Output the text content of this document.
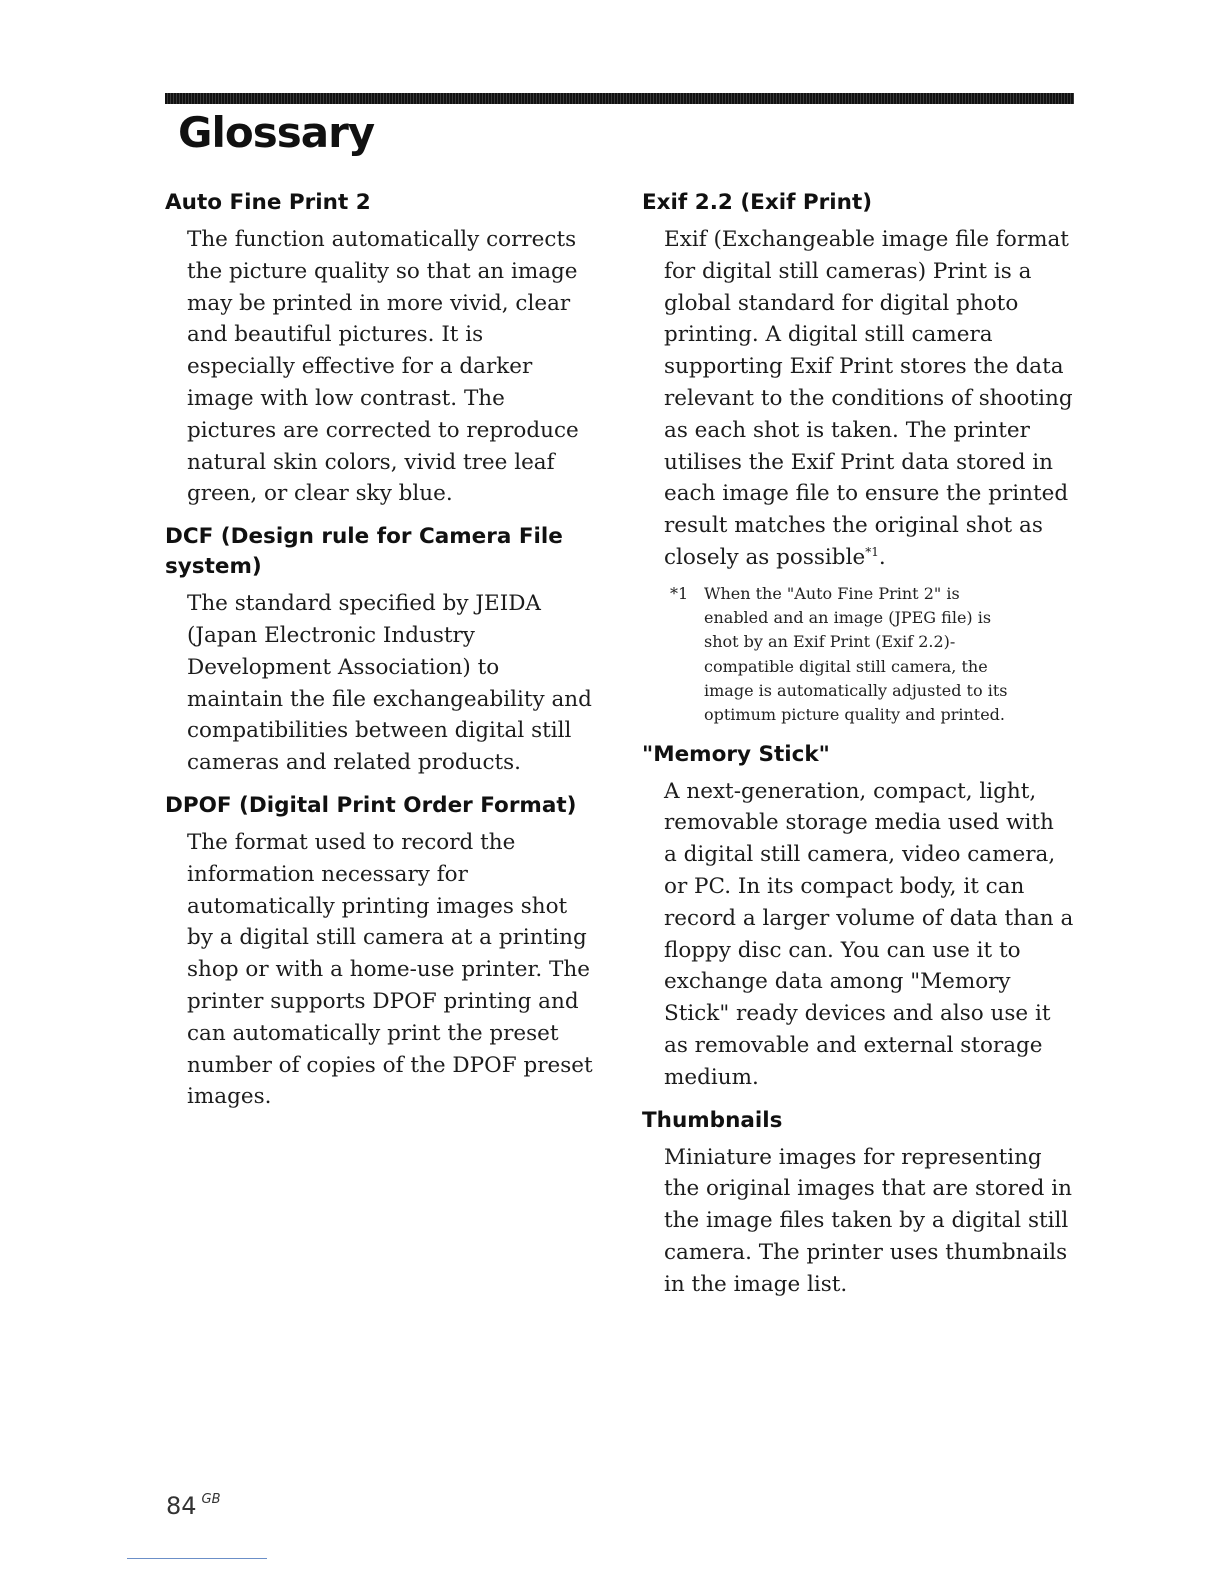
Glossary
Auto Fine Print 2
The function automatically corrects
the picture quality so that an image
may be printed in more vivid, clear
and beautiful pictures. It is
especially effective for a darker
image with low contrast. The
pictures are corrected to reproduce
natural skin colors, vivid tree leaf
green, or clear sky blue.
DCF (Design rule for Camera File
system)
The standard specified by JEIDA
(Japan Electronic Industry
Development Association) to
maintain the file exchangeability and
compatibilities between digital still
cameras and related products.
DPOF (Digital Print Order Format)
The format used to record the
information necessary for
automatically printing images shot
by a digital still camera at a printing
shop or with a home-use printer. The
printer supports DPOF printing and
can automatically print the preset
number of copies of the DPOF preset
images.
Exif 2.2 (Exif Print)
Exif (Exchangeable image file format
for digital still cameras) Print is a
global standard for digital photo
printing. A digital still camera
supporting Exif Print stores the data
relevant to the conditions of shooting
as each shot is taken. The printer
utilises the Exif Print data stored in
each image file to ensure the printed
result matches the original shot as
closely as possible$^{*1}$.
*1 When the "Auto Fine Print 2" is
enabled and an image (JPEG file) is
shot by an Exif Print (Exif 2.2)-
compatible digital still camera, the
image is automatically adjusted to its
optimum picture quality and printed.
"Memory Stick"
A next-generation, compact, light,
removable storage media used with
a digital still camera, video camera,
or PC. In its compact body, it can
record a larger volume of data than a
floppy disc can. You can use it to
exchange data among "Memory
Stick" ready devices and also use it
as removable and external storage
medium.
Thumbnails
Miniature images for representing
the original images that are stored in
the image files taken by a digital still
camera. The printer uses thumbnails
in the image list.
84 $^{GB}$
